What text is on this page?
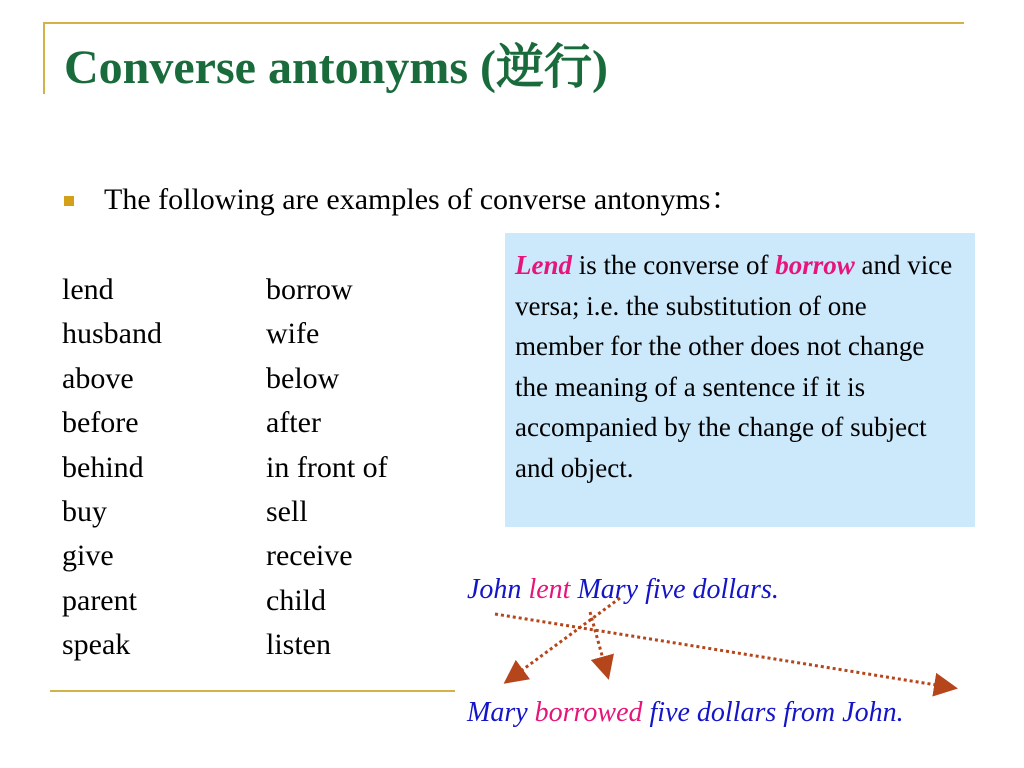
Converse antonyms (逆行)
The following are examples of converse antonyms：
lend	borrow
husband	wife
above	below
before	after
behind	in front of
buy	sell
give	receive
parent	child
speak	listen
Lend is the converse of borrow and vice versa; i.e. the substitution of one member for the other does not change the meaning of a sentence if it is accompanied by the change of subject and object.
John lent Mary five dollars.
Mary borrowed five dollars from John.
